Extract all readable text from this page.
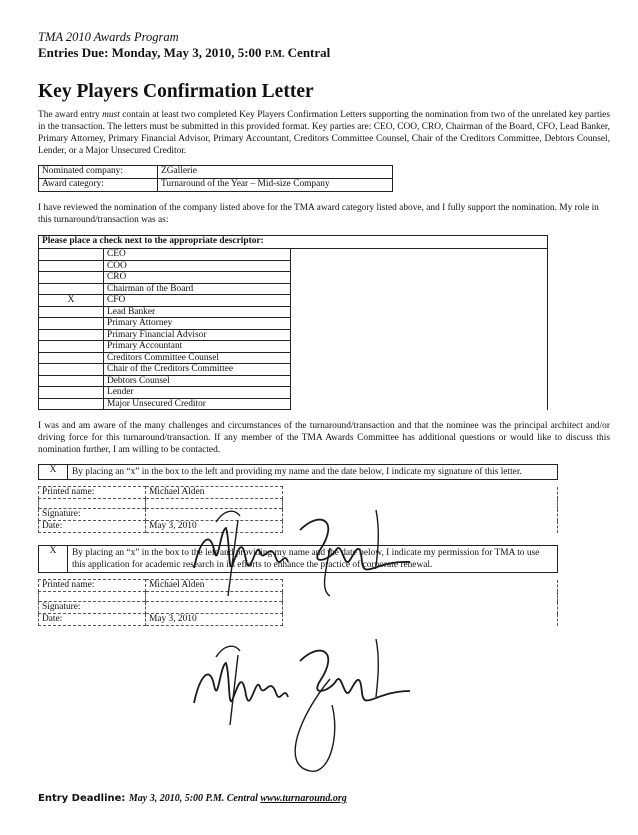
TMA 2010 Awards Program
Entries Due: Monday, May 3, 2010, 5:00 P.M. Central
Key Players Confirmation Letter
The award entry must contain at least two completed Key Players Confirmation Letters supporting the nomination from two of the unrelated key parties in the transaction. The letters must be submitted in this provided format. Key parties are: CEO, COO, CRO, Chairman of the Board, CFO, Lead Banker, Primary Attorney, Primary Financial Advisor, Primary Accountant, Creditors Committee Counsel, Chair of the Creditors Committee, Debtors Counsel, Lender, or a Major Unsecured Creditor.
Nominated company:	ZGallerie
Award category:	Turnaround of the Year – Mid-size Company
I have reviewed the nomination of the company listed above for the TMA award category listed above, and I fully support the nomination. My role in this turnaround/transaction was as:
Please place a check next to the appropriate descriptor:		
	CEO	
	COO	
	CRO	
	Chairman of the Board	
X	CFO	
	Lead Banker	
	Primary Attorney	
	Primary Financial Advisor	
	Primary Accountant	
	Creditors Committee Counsel	
	Chair of the Creditors Committee	
	Debtors Counsel	
	Lender	
	Major Unsecured Creditor	
I was and am aware of the many challenges and circumstances of the turnaround/transaction and that the nominee was the principal architect and/or driving force for this turnaround/transaction. If any member of the TMA Awards Committee has additional questions or would like to discuss this nomination further, I am willing to be contacted.
X	By placing an “x” in the box to the left and providing my name and the date below, I indicate my signature of this letter.
Printed name:	Michael Alden	

Signature:		
Date:	May 3, 2010	
X	By placing an “x” in the box to the left and providing my name and the date below, I indicate my permission for TMA to use this application for academic research in its efforts to enhance the practice of corporate renewal.
Printed name:	Michael Alden	

Signature:		
Date:	May 3, 2010	
Entry Deadline: May 3, 2010, 5:00 P.M. Central www.turnaround.org
